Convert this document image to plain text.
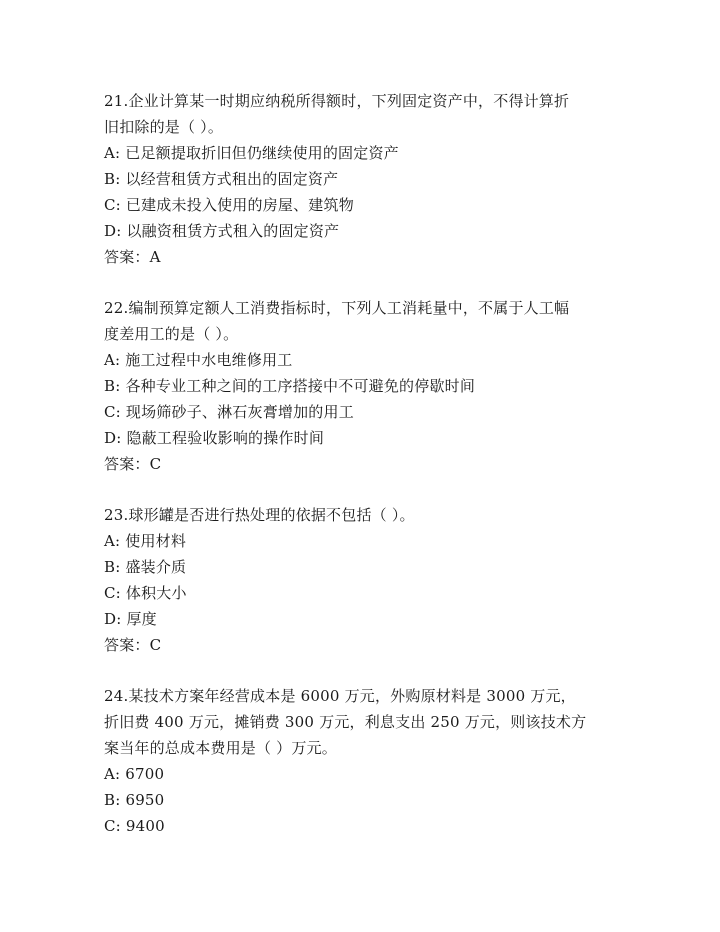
21.企业计算某一时期应纳税所得额时，下列固定资产中，不得计算折
旧扣除的是（ ）。
A: 已足额提取折旧但仍继续使用的固定资产
B: 以经营租赁方式租出的固定资产
C: 已建成未投入使用的房屋、建筑物
D: 以融资租赁方式租入的固定资产
答案：A
22.编制预算定额人工消费指标时，下列人工消耗量中，不属于人工幅
度差用工的是（ ）。
A: 施工过程中水电维修用工
B: 各种专业工种之间的工序搭接中不可避免的停歇时间
C: 现场筛砂子、淋石灰膏增加的用工
D: 隐蔽工程验收影响的操作时间
答案：C
23.球形罐是否进行热处理的依据不包括（ ）。
A: 使用材料
B: 盛装介质
C: 体积大小
D: 厚度
答案：C
24.某技术方案年经营成本是 6000 万元，外购原材料是 3000 万元，
折旧费 400 万元，摊销费 300 万元，利息支出 250 万元，则该技术方
案当年的总成本费用是（ ）万元。
A: 6700
B: 6950
C: 9400
